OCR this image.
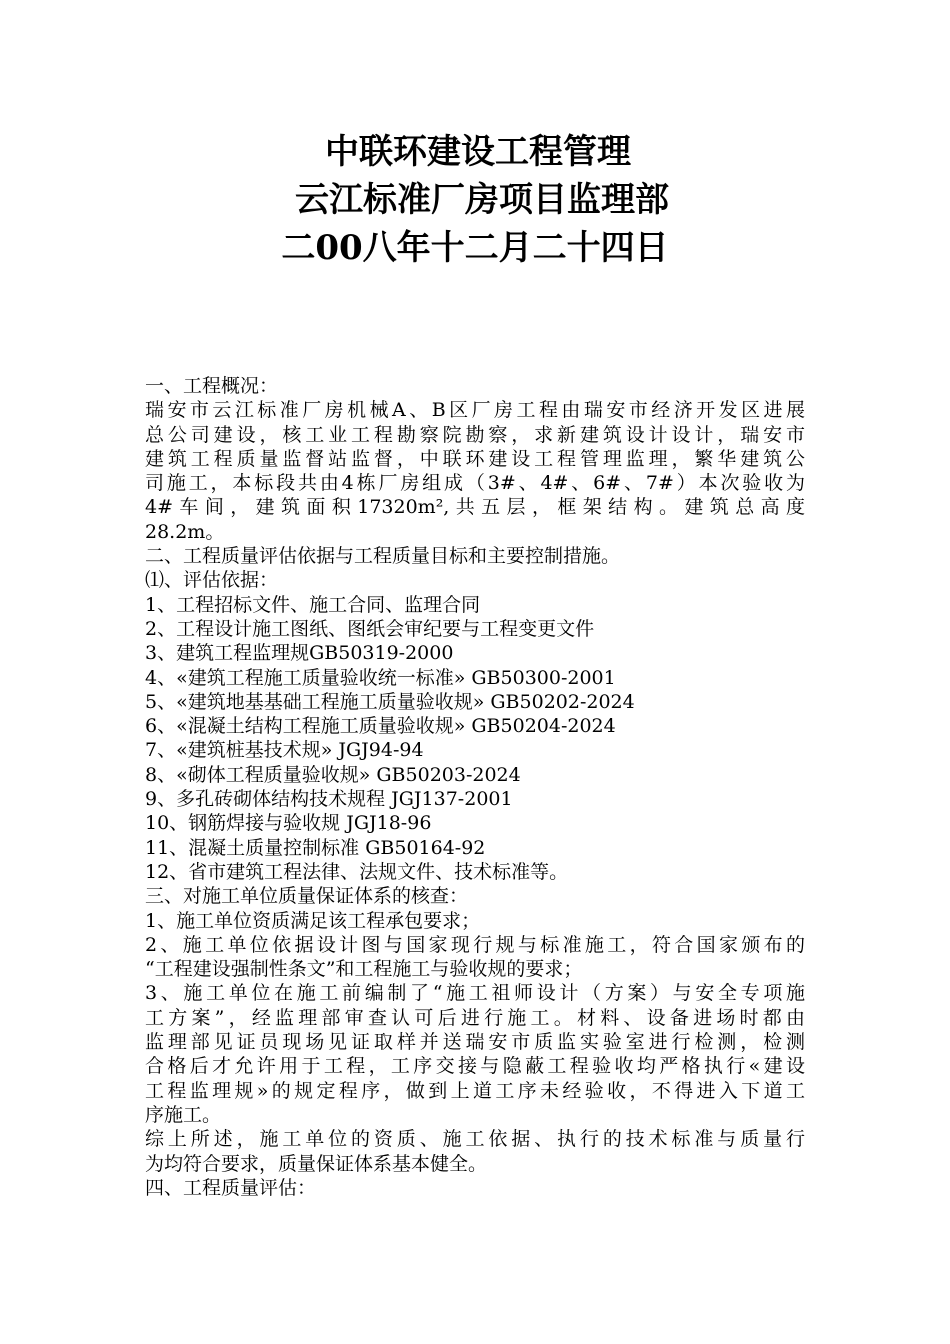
中联环建设工程管理
云江标准厂房项目监理部
二00八年十二月二十四日
一、工程概况：
瑞安市云江标准厂房机械A、B区厂房工程由瑞安市经济开发区进展
总公司建设，核工业工程勘察院勘察，求新建筑设计设计，瑞安市
建筑工程质量监督站监督，中联环建设工程管理监理，繁华建筑公
司施工，本标段共由4栋厂房组成（3#、4#、6#、7#）本次验收为
4#车间，建筑面积17320m²,共五层，框架结构。建筑总高度
28.2m。
二、工程质量评估依据与工程质量目标和主要控制措施。
⑴、评估依据：
1、工程招标文件、施工合同、监理合同
2、工程设计施工图纸、图纸会审纪要与工程变更文件
3、建筑工程监理规GB50319-2000
4、«建筑工程施工质量验收统一标准» GB50300-2001
5、«建筑地基基础工程施工质量验收规» GB50202-2024
6、«混凝土结构工程施工质量验收规» GB50204-2024
7、«建筑桩基技术规» JGJ94-94
8、«砌体工程质量验收规» GB50203-2024
9、多孔砖砌体结构技术规程 JGJ137-2001
10、钢筋焊接与验收规 JGJ18-96
11、混凝土质量控制标准 GB50164-92
12、省市建筑工程法律、法规文件、技术标准等。
三、对施工单位质量保证体系的核查：
1、施工单位资质满足该工程承包要求；
2、施工单位依据设计图与国家现行规与标准施工，符合国家颁布的
“工程建设强制性条文”和工程施工与验收规的要求；
3、施工单位在施工前编制了“施工祖师设计（方案）与安全专项施
工方案”，经监理部审查认可后进行施工。材料、设备进场时都由
监理部见证员现场见证取样并送瑞安市质监实验室进行检测，检测
合格后才允许用于工程，工序交接与隐蔽工程验收均严格执行«建设
工程监理规»的规定程序，做到上道工序未经验收，不得进入下道工
序施工。
综上所述，施工单位的资质、施工依据、执行的技术标准与质量行
为均符合要求，质量保证体系基本健全。
四、工程质量评估：
